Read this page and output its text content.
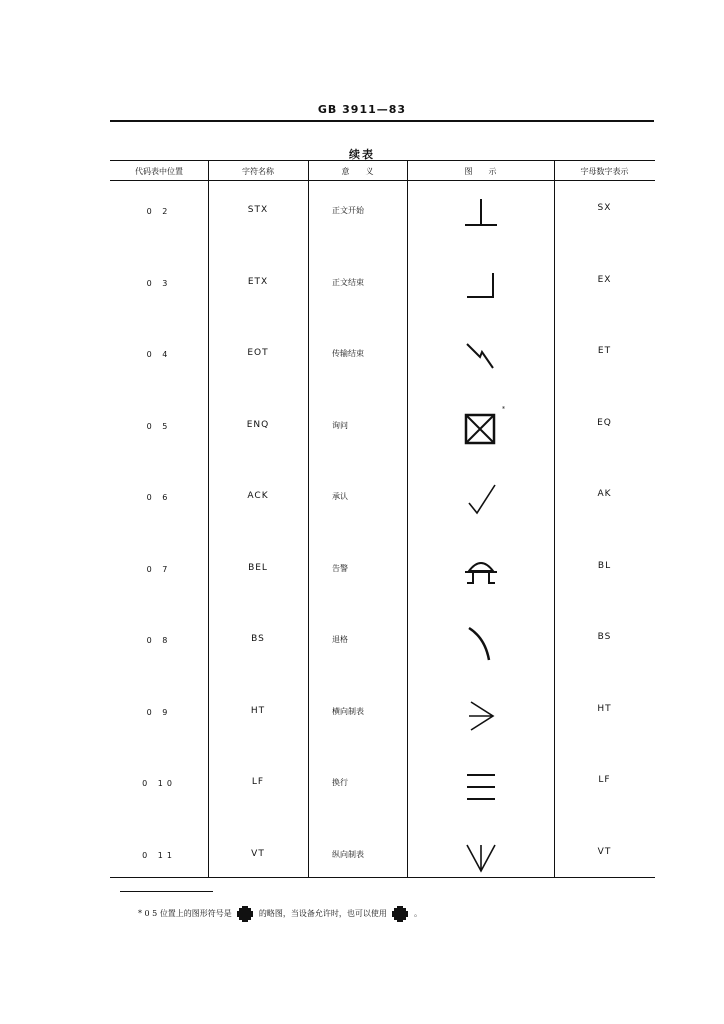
GB 3911—83
续表
代码表中位置	字符名称	意　　义	图　　示	字母数字表示
0 2	STX	正文开始	SX
0 3	ETX	正文结束	EX
0 4	EOT	传输结束	ET
0 5	ENQ	询问	EQ
*
0 6	ACK	承认	AK
0 7	BEL	告警	BL
0 8	BS	退格	BS
0 9	HT	横向制表	HT
0 10	LF	换行	LF
0 11	VT	纵向制表	VT
* 0 5 位置上的图形符号是	的略图，当设备允许时，也可以使用	。
